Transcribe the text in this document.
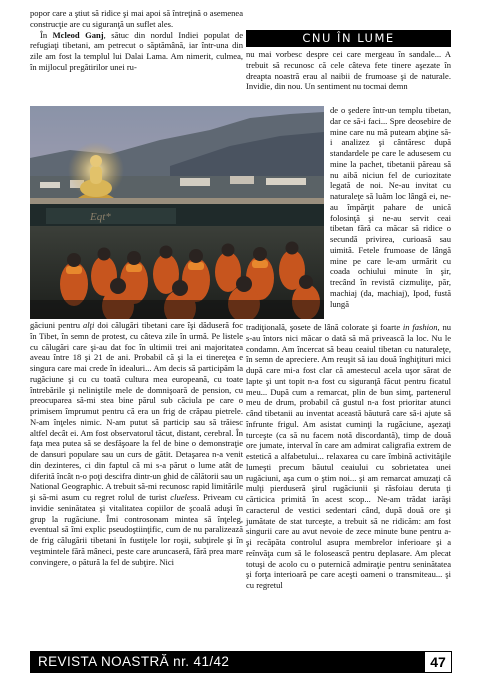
popor care a ştiut să ridice şi mai apoi să întreţină o asemenea construcţie are cu siguranţă un suflet ales.

În Mcleod Ganj, sătuc din nordul Indiei populat de refugiaţi tibetani, am petrecut o săptămână, iar într-una din zile am fost la templul lui Dalai Lama. Am nimerit, culmea, în mijlocul pregătirilor unei ru-

CNU ÎN LUME

nu mai vorbesc despre cei care mergeau în sandale... A trebuit să recunosc că cele câteva fete tinere aşezate în dreapta noastră erau al naibii de frumoase şi de naturale. Invidie, din nou. Un sentiment nu tocmai demn

de o şedere într-un templu tibetan, dar ce să-i faci... Spre deosebire de mine care nu mă puteam abţine să-i analizez şi cântăresc după standardele pe care le adusesem cu mine la pachet, tibetanii păreau să nu aibă niciun fel de curiozitate legată de noi. Ne-au invitat cu naturaleţe să luăm loc lângă ei, ne-au împărţit pahare de unică folosinţă şi ne-au servit ceai tibetan fără ca măcar să ridice o secundă privirea, curioasă sau uimită. Fetele frumoase de lângă mine pe care le-am urmărit cu coada ochiului minute în şir, trecând în revistă cizmuliţe, păr, machiaj (da, machiaj), Ipod, fustă lungă

Eqt*

găciuni pentru alţi doi călugări tibetani care îşi dăduseră foc în Tibet, în semn de protest, cu câteva zile în urmă. Pe listele cu călugări care şi-au dat foc în ultimii trei ani majoritatea aveau între 18 şi 21 de ani. Probabil că şi la ei tinereţea e singura care mai crede în idealuri... Am decis să participăm la rugăciune şi cu cu toată cultura mea europeană, cu toate întrebările şi neliniştile mele de domnişoară de pension, cu preocuparea să-mi stea bine părul sub căciula pe care o primisem împrumut pentru că era un frig de crăpau pietrele. N-am înţeles nimic. N-am putut să particip sau să trăiesc altfel decât ei. Am fost observatorul tăcut, distant, cerebral. În faţa mea putea să se desfăşoare la fel de bine o demonstraţie de dansuri populare sau un curs de gătit. Detaşarea n-a venit din dezinteres, ci din faptul că mi s-a părut o lume atât de diferită încât n-o poţi descifra dintr-un ghid de călătorii sau un National Geographic. A trebuit să-mi recunosc rapid limitările şi să-mi asum cu regret rolul de turist clueless. Priveam cu invidie seninătatea şi vitalitatea copiilor de şcoală aduşi în grup la rugăciune. Îmi controsonam mintea să înţeleg, eventual să îmi explic pseudoştiinţific, cum de nu paralizează de frig călugării tibetani în fustiţele lor roşii, subţirele şi în veştmintele fără mâneci, peste care aruncaseră, fără prea mare convingere, o pătură la fel de subţire. Nici

tradiţională, şosete de lână colorate şi foarte in fashion, nu s-au întors nici măcar o dată să mă privească la loc. Nu le condamn. Am încercat să beau ceaiul tibetan cu naturaleţe, în semn de apreciere. Am reuşit să iau două înghiţituri mici după care mi-a fost clar că amestecul acela uşor sărat de lapte şi unt topit n-a fost cu siguranţă făcut pentru ficatul meu... După cum a remarcat, plin de bun simţ, partenerul meu de drum, probabil că gustul n-a fost prioritar atunci când tibetanii au inventat această băutură care să-i ajute să înfrunte frigul. Am asistat cuminţi la rugăciune, aşezaţi turceşte (ca să nu facem notă discordantă), timp de două ore jumate, interval în care am admirat caligrafia extrem de estetică a alfabetului... relaxarea cu care îmbină activităţile lumeşti precum băutul ceaiului cu sobrietatea unei rugăciuni, aşa cum o ştim noi... şi am remarcat amuzaţi că mulţi pierduseră şirul rugăciunii şi răsfoiau deruta ţi cărticica primită în acest scop... Ne-am trădat iarăşi caracterul de vestici sedentari când, după două ore şi jumătate de stat turceşte, a trebuit să ne ridicăm: am fost singurii care au avut nevoie de zece minute bune pentru a-şi recăpăta controlul asupra membrelor inferioare şi a reînvăţa cum să le folosească pentru deplasare. Am plecat totuşi de acolo cu o puternică admiraţie pentru seninătatea şi forţa interioară pe care aceşti oameni o transmiteau... şi cu regretul

REVISTA NOASTRĂ nr. 41/42	47
